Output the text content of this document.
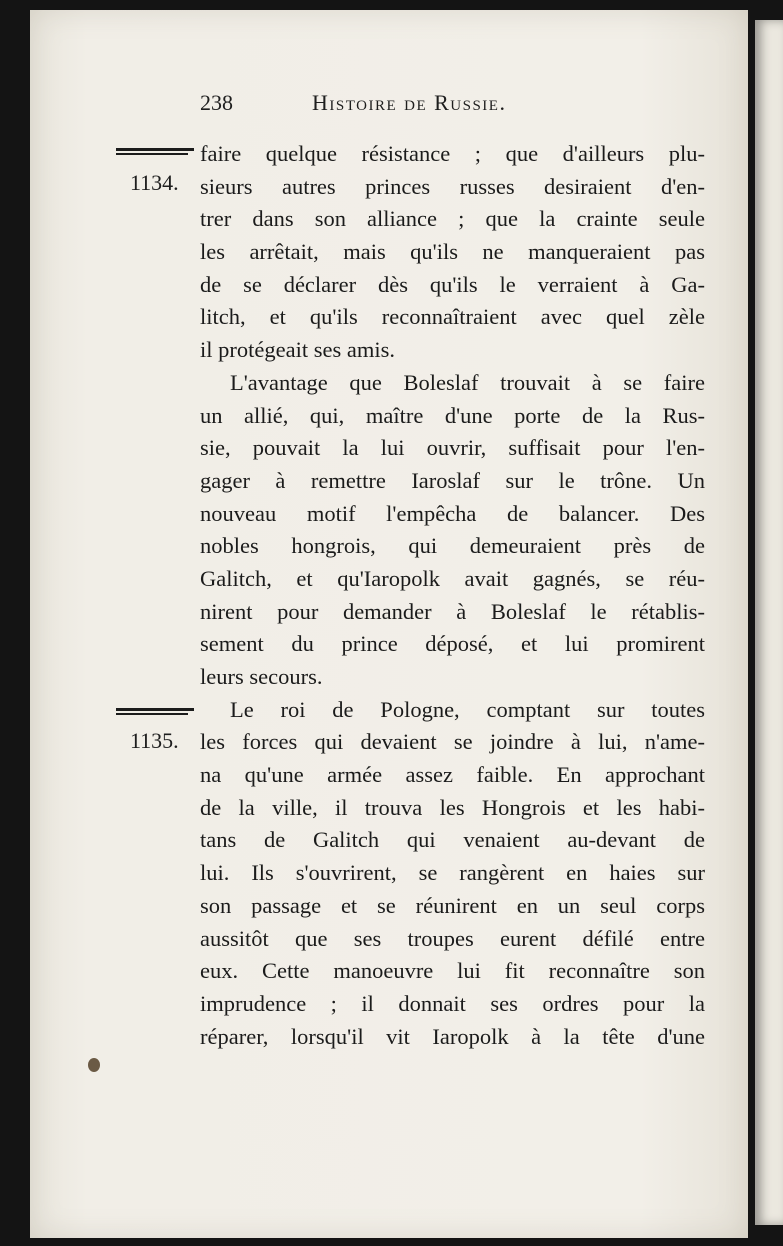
238	Histoire de Russie.
1134.
1135.
faire quelque résistance ; que d'ailleurs plu-
sieurs autres princes russes desiraient d'en-
trer dans son alliance ; que la crainte seule
les arrêtait, mais qu'ils ne manqueraient pas
de se déclarer dès qu'ils le verraient à Ga-
litch, et qu'ils reconnaîtraient avec quel zèle
il protégeait ses amis.
L'avantage que Boleslaf trouvait à se faire
un allié, qui, maître d'une porte de la Rus-
sie, pouvait la lui ouvrir, suffisait pour l'en-
gager à remettre Iaroslaf sur le trône. Un
nouveau motif l'empêcha de balancer. Des
nobles hongrois, qui demeuraient près de
Galitch, et qu'Iaropolk avait gagnés, se réu-
nirent pour demander à Boleslaf le rétablis-
sement du prince déposé, et lui promirent
leurs secours.
Le roi de Pologne, comptant sur toutes
les forces qui devaient se joindre à lui, n'ame-
na qu'une armée assez faible. En approchant
de la ville, il trouva les Hongrois et les habi-
tans de Galitch qui venaient au-devant de
lui. Ils s'ouvrirent, se rangèrent en haies sur
son passage et se réunirent en un seul corps
aussitôt que ses troupes eurent défilé entre
eux. Cette manoeuvre lui fit reconnaître son
imprudence ; il donnait ses ordres pour la
réparer, lorsqu'il vit Iaropolk à la tête d'une
